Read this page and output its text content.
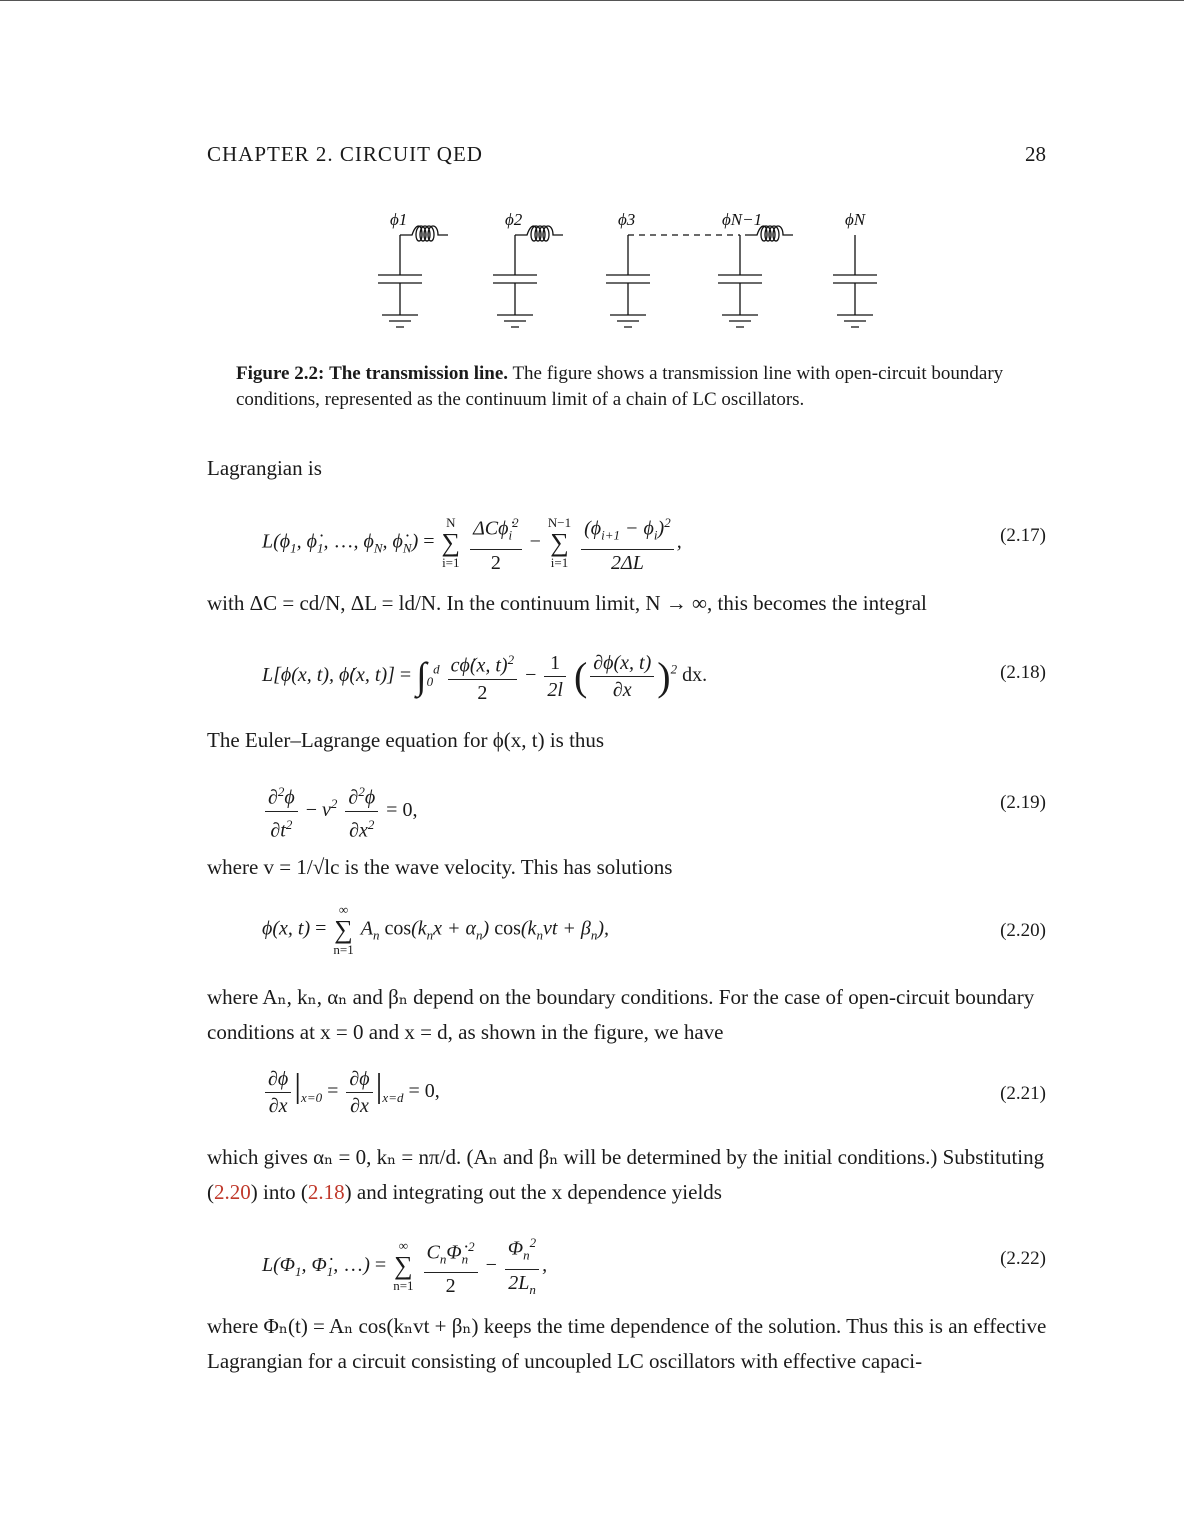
CHAPTER 2. CIRCUIT QED	28
ϕ1	ϕ2	ϕ3	ϕN−1	ϕN
Figure 2.2: The transmission line. The figure shows a transmission line with open-circuit boundary conditions, represented as the continuum limit of a chain of LC oscillators.
Lagrangian is
$L(\phi_1$, $\phi̇_1$, …, $\phi_N$, $\phi̇_N$) =
N
∑
i=1
$\frac{\Delta C\phi̇_i^2}{2}$ −
N−1
∑
i=1
$\frac{(\phi_{i+1} - \phi_i)^2}{2\Delta L}$ ,	(2.17)
with ΔC = cd/N, ΔL = ld/N. In the continuum limit, N → ∞, this becomes the integral
L[ϕ(x, t), ϕ̇(x, $t)] = \int_0^d \frac{c\phi̇(x, t)^2}{2} - \frac{1}{2l}$ ( $\frac{\partial\phi(x, t)}{\partial x} )^2$ dx.	(2.18)
The Euler–Lagrange equation for ϕ(x, t) is thus
$\frac{\partial^2\phi}{\partial t^2} - v^2 \frac{\partial^2\phi}{\partial x^2} = 0$,	(2.19)
where v = 1/√lc is the wave velocity. This has solutions
ϕ(x, t) =
∞
∑
n=1
$A_n$ $\cos(k_nx + \alpha_n) \cos(k_nvt + \beta_n)$,	(2.20)
where Aₙ, kₙ, αₙ and βₙ depend on the boundary conditions. For the case of open-circuit boundary conditions at x = 0 and x = d, as shown in the figure, we have
$\frac{\partial\phi}{\partial x} |_{x=0} = \frac{\partial\phi}{\partial x} |_{x=d} = 0$,	(2.21)
which gives αₙ = 0, kₙ = nπ/d. (Aₙ and βₙ will be determined by the initial conditions.) Substituting (2.20) into (2.18) and integrating out the x dependence yields
$L(\Phi_1$, $\Phi̇_1$, …) =
∞
∑
n=1
$\frac{C_n\Phi̇_n^2}{2} - \frac{\Phi_n^2}{2L_n}$ ,	(2.22)
where Φₙ(t) = Aₙ cos(kₙvt + βₙ) keeps the time dependence of the solution. Thus this is an effective Lagrangian for a circuit consisting of uncoupled LC oscillators with effective capaci-
